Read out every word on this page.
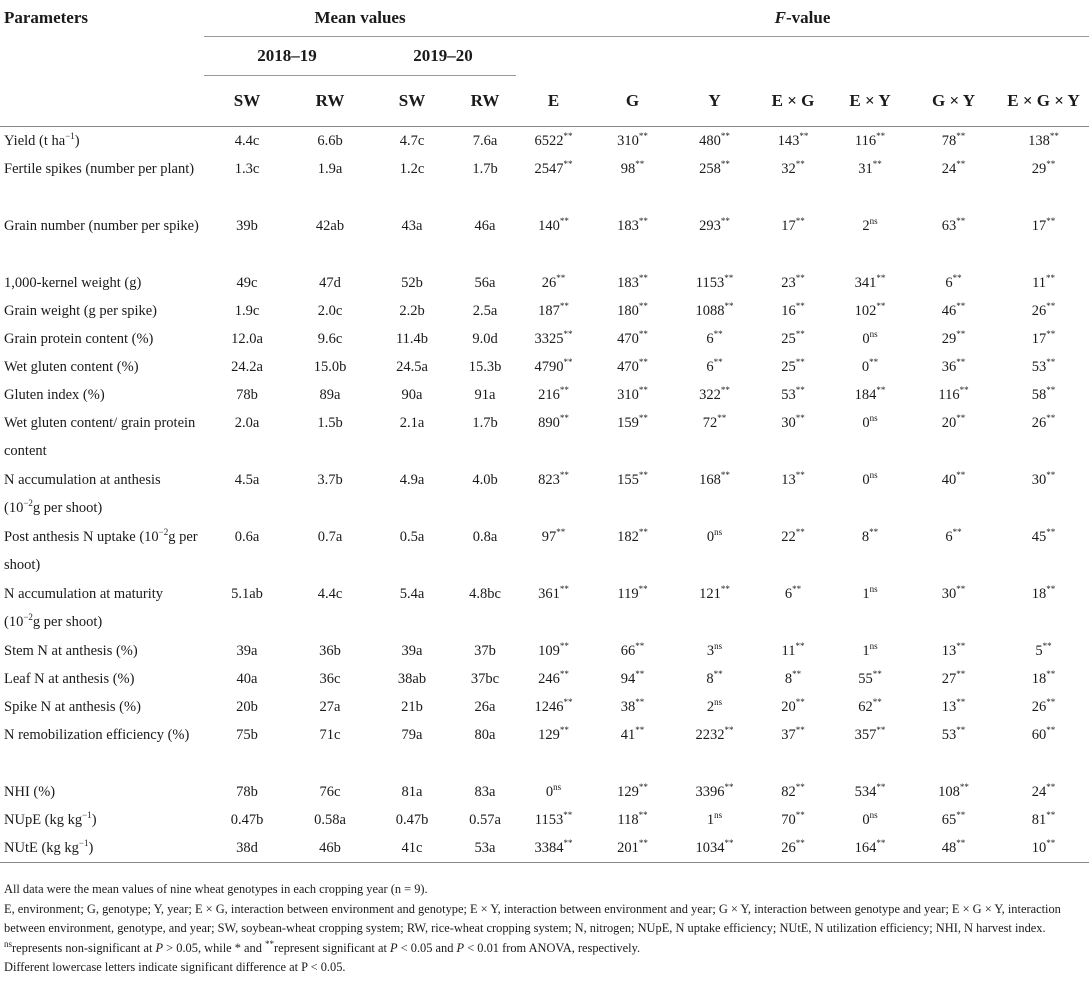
Parameters	Mean values				F-value						
	2018–19		2019–20								
	SW	RW	SW	RW	E	G	Y	E × G	E × Y	G × Y	E × G × Y
Yield (t $ha^{-1}$)	4.4c	6.6b	4.7c	7.6a	6522**	310**	480**	143**	116**	78**	138**
Fertile spikes (number per plant)	1.3c	1.9a	1.2c	1.7b	2547**	98**	258**	32**	31**	24**	29**
Grain number (number per spike)	39b	42ab	43a	46a	140**	183**	293**	17**	$2^{ns}$	63**	17**
1,000-kernel weight (g)	49c	47d	52b	56a	26**	183**	1153**	23**	341**	6**	11**
Grain weight (g per spike)	1.9c	2.0c	2.2b	2.5a	187**	180**	1088**	16**	102**	46**	26**
Grain protein content (%)	12.0a	9.6c	11.4b	9.0d	3325**	470**	6**	25**	$0^{ns}$	29**	17**
Wet gluten content (%)	24.2a	15.0b	24.5a	15.3b	4790**	470**	6**	25**	0**	36**	53**
Gluten index (%)	78b	89a	90a	91a	216**	310**	322**	53**	184**	116**	58**
Wet gluten content/ grain protein content	2.0a	1.5b	2.1a	1.7b	890**	159**	72**	30**	$0^{ns}$	20**	26**
N accumulation at anthesis ($10^{-2}g$ per shoot)	4.5a	3.7b	4.9a	4.0b	823**	155**	168**	13**	$0^{ns}$	40**	30**
Post anthesis N uptake ($10^{-2}g$ per shoot)	0.6a	0.7a	0.5a	0.8a	97**	182**	$0^{ns}$	22**	8**	6**	45**
N accumulation at maturity ($10^{-2}g$ per shoot)	5.1ab	4.4c	5.4a	4.8bc	361**	119**	121**	6**	$1^{ns}$	30**	18**
Stem N at anthesis (%)	39a	36b	39a	37b	109**	66**	$3^{ns}$	11**	$1^{ns}$	13**	5**
Leaf N at anthesis (%)	40a	36c	38ab	37bc	246**	94**	8**	8**	55**	27**	18**
Spike N at anthesis (%)	20b	27a	21b	26a	1246**	38**	$2^{ns}$	20**	62**	13**	26**
N remobilization efficiency (%)	75b	71c	79a	80a	129**	41**	2232**	37**	357**	53**	60**
NHI (%)	78b	76c	81a	83a	$0^{ns}$	129**	3396**	82**	534**	108**	24**
NUpE (kg $kg^{-1}$)	0.47b	0.58a	0.47b	0.57a	1153**	118**	$1^{ns}$	70**	$0^{ns}$	65**	81**
NUtE (kg $kg^{-1}$)	38d	46b	41c	53a	3384**	201**	1034**	26**	164**	48**	10**

All data were the mean values of nine wheat genotypes in each cropping year (n = 9).

E, environment; G, genotype; Y, year; E × G, interaction between environment and genotype; E × Y, interaction between environment and year; G × Y, interaction between genotype and year; E × G × Y, interaction between environment, genotype, and year; SW, soybean-wheat cropping system; RW, rice-wheat cropping system; N, nitrogen; NUpE, N uptake efficiency; NUtE, N utilization efficiency; NHI, N harvest index.

$^{ns}$represents non-significant at P > 0.05, while * and **represent significant at P < 0.05 and P < 0.01 from ANOVA, respectively.

Different lowercase letters indicate significant difference at P < 0.05.
